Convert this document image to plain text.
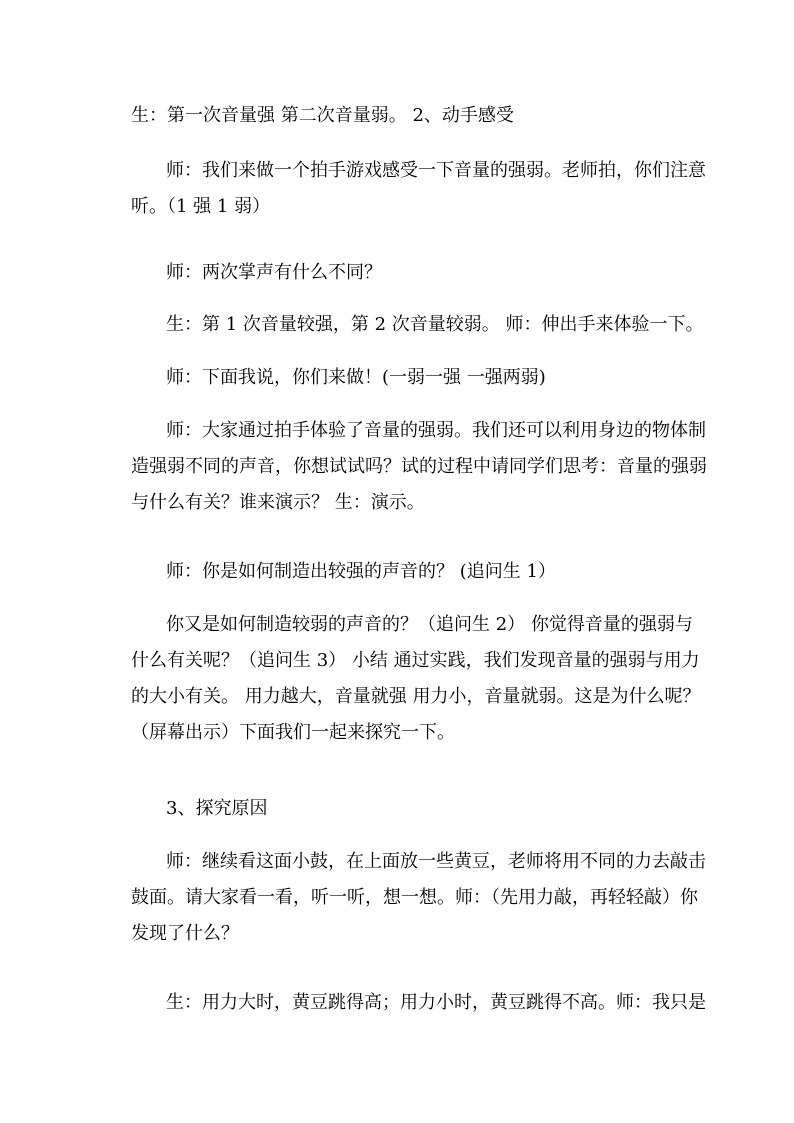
生：第一次音量强 第二次音量弱。 2、动手感受

师：我们来做一个拍手游戏感受一下音量的强弱。老师拍，你们注意
听。（1 强 1 弱）

师：两次掌声有什么不同？

生：第 1 次音量较强，第 2 次音量较弱。 师：伸出手来体验一下。

师：下面我说，你们来做！(一弱一强 一强两弱)

师：大家通过拍手体验了音量的强弱。我们还可以利用身边的物体制
造强弱不同的声音，你想试试吗？试的过程中请同学们思考：音量的强弱
与什么有关？谁来演示？ 生：演示。

师：你是如何制造出较强的声音的？ (追问生 1）

你又是如何制造较弱的声音的？（追问生 2） 你觉得音量的强弱与
什么有关呢？（追问生 3） 小结 通过实践，我们发现音量的强弱与用力
的大小有关。 用力越大，音量就强 用力小，音量就弱。这是为什么呢？
（屏幕出示）下面我们一起来探究一下。

3、探究原因

师：继续看这面小鼓，在上面放一些黄豆，老师将用不同的力去敲击
鼓面。请大家看一看，听一听，想一想。师：（先用力敲，再轻轻敲）你
发现了什么？

生：用力大时，黄豆跳得高；用力小时，黄豆跳得不高。师：我只是
